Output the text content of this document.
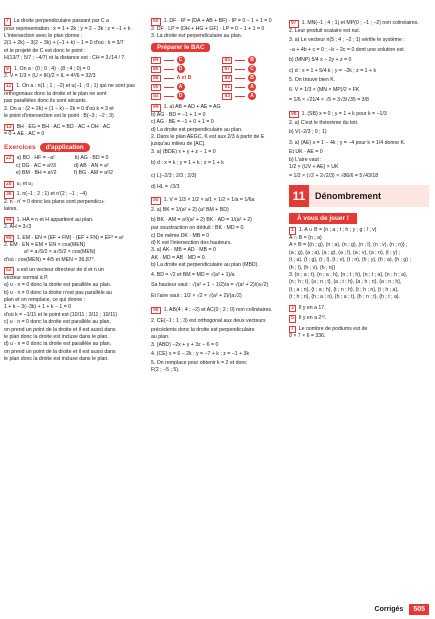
7 La droite perpendiculaire passant par C a
pour représentation : x = 1 + 2k ; y = 2 − 3k ; z = −1 + k
L'intersection avec le plan donne :
2(1 + 2k) − 3(2 − 3k) + (−1 + k) − 1 = 0 d'où : k = 3/7
et le projeté de C est donc le point :
H(13/7 ; 5/7 ; −4/7) et la distance est : CH = 3√14 / 7.
9 1. On a : (0 ; 0 ; 4) · (8 ; 4 ; 0) = 0
2. V = 1/3 × (U × IK)/2 × IL = 4³/6 = 32/3
11 1. On a : n(1 ; 1 ; −2) et u(−1 ; 0 ; 1) qui ne sont pas
orthogonaux donc la droite et le plan ne sont
pas parallèles donc ils sont sécants.
2. On a : (2 + 2k) + (1 − k) − 2k = 0 d'où k = 3 et
le point d'intersection est le point : B(−3 ; −2 ; 3)
13 BH · EG = BH · AC = BD · AC + DH · AC
= 0 + AE · AC = 0
Exercices	d'application
22 a) BD · HF = −a²	b) AG · BD = 0
c) DG · AC = a²/3	d) AB · AN = a²
e) BM · BH = a²/2	f) BG · AM = a²/2
28 u₁ et u₂
36 1. n(−1 ; 2 ; 1) et n'(2 ; −1 ; −4)
2. n · n' = 0 donc les plans sont perpendicu-
laires.
44 1. HA = n et H appartient au plan.
2. AH = 3√3
49 1. EM · EN = (EF + FM) · (EF + FN) = EF² = a²
2. EM · EN = EM × EN × cos(MEN)
a² = a√5/2 × a√5/2 × cos(MEN)
d'où : cos(MEN) = 4/5 et MEN ≈ 36,87°.
52 u est un vecteur directeur de d et n un
vecteur normal à P.
a) u · n = 0 donc la droite est parallèle au plan.
b) u · n ≠ 0 donc la droite n'est pas parallèle au
plan et on remplace, ce qui donne :
1 + k − 3(−3k) + 1 + k − 1 = 0
d'où k = −1/11 et le point est (10/11 ; 3/11 ; 10/11)
c) u · n = 0 donc la droite est parallèle au plan,
on prend un point de la droite et il est aussi dans
le plan donc la droite est incluse dans le plan.
d) u · n = 0 donc la droite est parallèle au plan,
on prend un point de la droite et il est aussi dans
le plan donc la droite est incluse dans le plan.
60 1. DF · IP = (DA + AB + BF) · IP = 0 − 1 + 1 = 0
2. DF · LP = (DH + HG + GF) · LP = 0 − 1 + 1 = 0
3. La droite est perpendiculaire au plan.
Préparer le BAC
84	C	85	B
86	D	87	C
88	A et B	89	B
90	A	91	A
92	D	93	A
94 1. a) AB = AD + AE = AG
b) AG · BD = −1 + 1 = 0
c) AG · BE = −1 + 0 + 1 = 0
d) La droite est perpendiculaire au plan.
2. Dans le plan AEGC, K est aux 2/3 à partir de E
jusqu'au milieu de [AC].
3. a) (BDE) x + y + z − 1 = 0
b) d : x = k ; y = 1 + k ; z = 1 + k
c) L(−2/3 ; 2/3 ; 2/3)
d) HL = √3/3
95 1. V = 1/3 × 1/2 × a/1 × 1/2 × 1/a = 1/6a
2. a) BK = 1/(a² + 2) (a² BM + BD)
b) BK · AM = a²/(a² + 2) BK · AD = 1/(a² + 2)
par soustraction on déduit : BK · MD = 0.
c) De même DK · MB = 0
d) K est l'intersection des hauteurs.
3. a) AK · MB = AD · MB = 0
AK · MD = AB · MD = 0.
b) La droite est perpendiculaire au plan (MBD).
4. BD = √2 et BM = MD = √(a² + 1)/a
Sa hauteur vaut : √(a² + 1 − 1/2)/a = √(a² + 2)/(a√2)
Et l'aire vaut : 1/2 × √2 × √(a² + 2)/(a√2)
96 1. AB(4 ; 4 ; −2) et AC(0 ; 2 ; 0) non colinéaires.
2. CE(−1 ; 1 ; 3) est orthogonal aux deux vecteurs
précédents donc la droite est perpendiculaire
au plan.
3. (ABD) −2x + y + 3z − 6 = 0
4. (CE) x = 6 − 2k ; y = −7 + k ; z = −1 + 3k
5. On remplace pour obtenir k = 2 et donc
F(2 ; −5 ; 5).
97 1. MN(−1 ; 4 ; 1) et MP(0 ; −1 ; −2) non colinéaires.
2. Leur produit scalaire est nul.
3. a) Le vecteur n(5 ; 4 ; −2 ; 1) vérifie le système :
−a + 4b + c = 0 ; −b − 2c = 0 dont une solution est
b) (MNP) 5/4 x − 2y + z = 0
c) d : x = 1 + 5/4 k ; y = −2k ; z = 1 + k
5. On trouve bien K.
6. V = 1/3 × (MN × MP)/2 × FK
= 1/6 × √21/4 × √5 = 3√3/√35 = 3/8
98 1. (SB) x = 0 ; y = 1 + k pour k = −1/3
2. a) C'est le théorème du toit.
b) V(−2/3 ; 0 ; 1)
3. a) (AE) x = 1 − 4k ; y = −4 pour k = 1/4 donne K.
Et UK · AE = 0
b) L'aire vaut :
1/2 × (UV + AE) × UK
= 1/2 × (√2 + 2√2/3) × √86/6 = 5√43/18
11	Dénombrement
À vous de jouer !
1 1. A ∪ B = {n ; a ; t ; h ; y ; g ; l ; v}
A ∩ B = {n ; a}
A × B = {(n ; g), (n ; a), (n ; g), (n ; l), (n ; v), (n ; n)} ;
(a ; g), (a ; a), (a ; g), (a ; l), (a ; v), (a ; n), (t ; y) ;
(t ; a), (t ; g), (t ; l), (t ; v), (t ; n), (h ; y), (h ; a), (h ; g) ;
(h ; l), (h ; v), (h ; n)}
3. {n ; a ; t}, {n ; a ; h}, {n ; t ; h}, {n ; t ; a}, {n ; h ; a},
{n ; h ; t}, {a ; n ; t}, {a ; t ; h}, {a ; h ; n}, {a ; n ; h},
{t ; a ; n}, {t ; a ; h}, {t ; n ; h}, {t ; h ; n}, {t ; h ; a},
{t ; h ; n}, {h ; a ; n}, {h ; a ; t}, {h ; n ; t}, {h ; t ; a}.
3 Il y en a 17.
5 Il y en a 2¹⁰.
7 Le nombre de podiums est de
8 × 7 × 6 = 336.
Corrigés	505
